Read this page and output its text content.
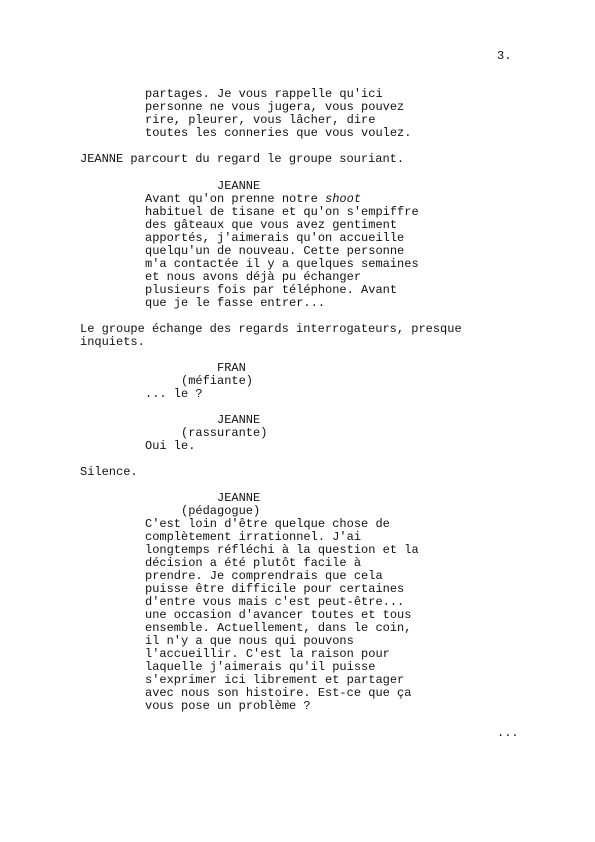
3.
partages. Je vous rappelle qu'ici
personne ne vous jugera, vous pouvez
rire, pleurer, vous lâcher, dire
toutes les conneries que vous voulez.
JEANNE parcourt du regard le groupe souriant.
JEANNE
Avant qu'on prenne notre shoot
habituel de tisane et qu'on s'empiffre
des gâteaux que vous avez gentiment
apportés, j'aimerais qu'on accueille
quelqu'un de nouveau. Cette personne
m'a contactée il y a quelques semaines
et nous avons déjà pu échanger
plusieurs fois par téléphone. Avant
que je le fasse entrer...
Le groupe échange des regards interrogateurs, presque
inquiets.
FRAN
(méfiante)
... le ?
JEANNE
(rassurante)
Oui le.
Silence.
JEANNE
(pédagogue)
C'est loin d'être quelque chose de
complètement irrationnel. J'ai
longtemps réfléchi à la question et la
décision a été plutôt facile à
prendre. Je comprendrais que cela
puisse être difficile pour certaines
d'entre vous mais c'est peut-être...
une occasion d'avancer toutes et tous
ensemble. Actuellement, dans le coin,
il n'y a que nous qui pouvons
l'accueillir. C'est la raison pour
laquelle j'aimerais qu'il puisse
s'exprimer ici librement et partager
avec nous son histoire. Est-ce que ça
vous pose un problème ?
...
